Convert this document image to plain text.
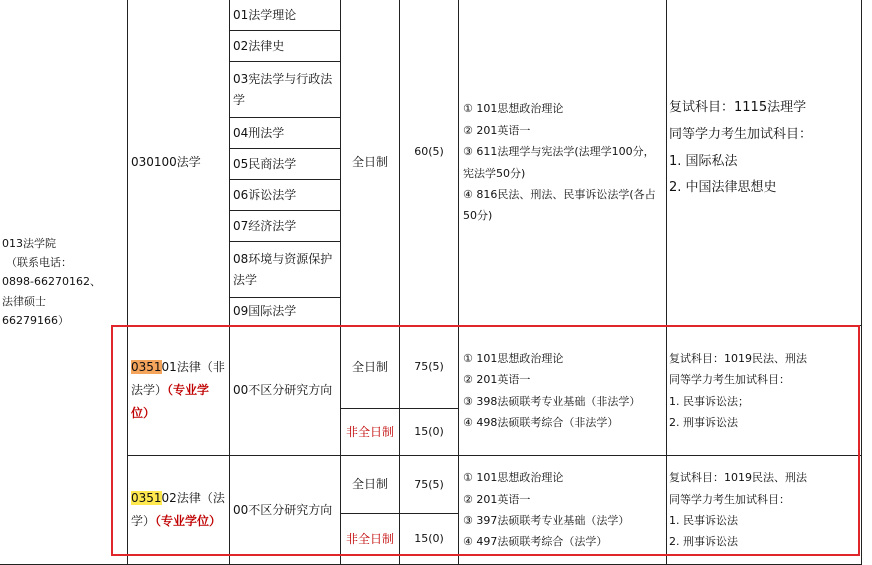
013法学院
（联系电话：
0898-66270162、
法律硕士
66279166）
030100法学
01法学理论
02法律史
03宪法学与行政法学
04刑法学
05民商法学
06诉讼法学
07经济法学
08环境与资源保护法学
09国际法学
全日制
60(5)
① 101思想政治理论
② 201英语一
③ 611法理学与宪法学(法理学100分，宪法学50分)
④ 816民法、刑法、民事诉讼法学(各占50分)
复试科目：1115法理学
同等学力考生加试科目：
1. 国际私法
2. 中国法律思想史
035101法律（非法学）（专业学位）
00不区分研究方向
全日制
非全日制
75(5)
15(0)
① 101思想政治理论
② 201英语一
③ 398法硕联考专业基础（非法学）
④ 498法硕联考综合（非法学）
复试科目：1019民法、刑法
同等学力考生加试科目：
1. 民事诉讼法；
2. 刑事诉讼法
035102法律（法学）（专业学位）
00不区分研究方向
全日制
非全日制
75(5)
15(0)
① 101思想政治理论
② 201英语一
③ 397法硕联考专业基础（法学）
④ 497法硕联考综合（法学）
复试科目：1019民法、刑法
同等学力考生加试科目：
1. 民事诉讼法
2. 刑事诉讼法
